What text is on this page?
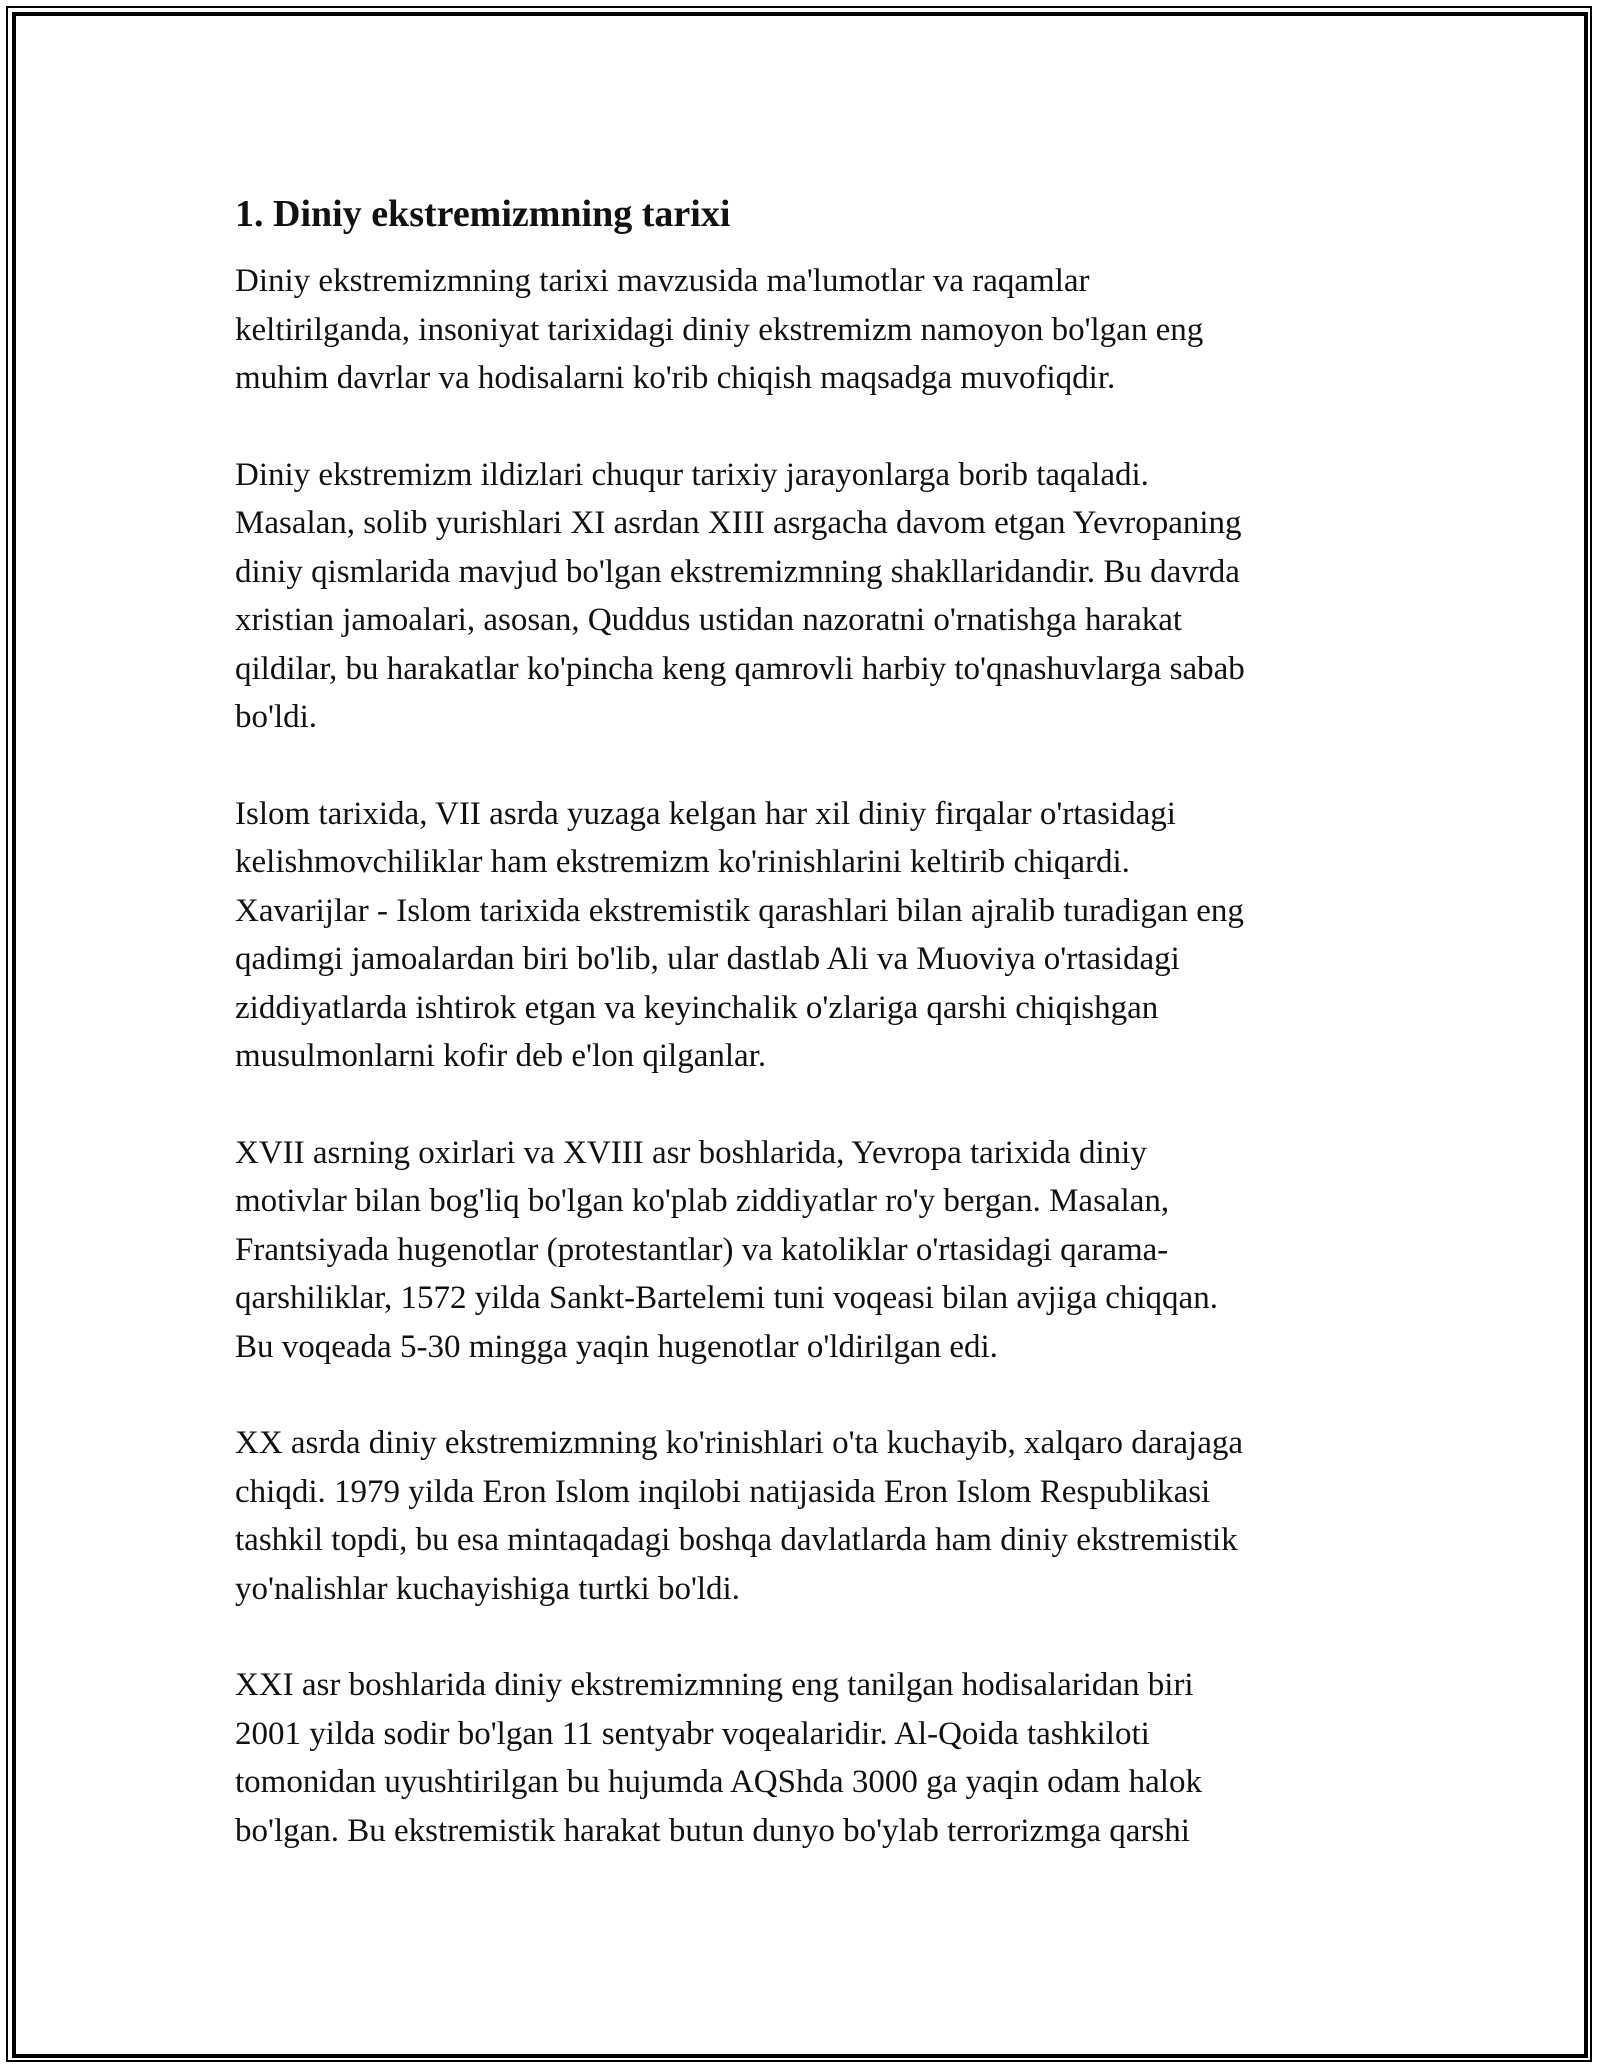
1. Diniy ekstremizmning tarixi

Diniy ekstremizmning tarixi mavzusida ma'lumotlar va raqamlar
keltirilganda, insoniyat tarixidagi diniy ekstremizm namoyon bo'lgan eng
muhim davrlar va hodisalarni ko'rib chiqish maqsadga muvofiqdir.

Diniy ekstremizm ildizlari chuqur tarixiy jarayonlarga borib taqaladi.
Masalan, solib yurishlari XI asrdan XIII asrgacha davom etgan Yevropaning
diniy qismlarida mavjud bo'lgan ekstremizmning shakllaridandir. Bu davrda
xristian jamoalari, asosan, Quddus ustidan nazoratni o'rnatishga harakat
qildilar, bu harakatlar ko'pincha keng qamrovli harbiy to'qnashuvlarga sabab
bo'ldi.

Islom tarixida, VII asrda yuzaga kelgan har xil diniy firqalar o'rtasidagi
kelishmovchiliklar ham ekstremizm ko'rinishlarini keltirib chiqardi.
Xavarijlar - Islom tarixida ekstremistik qarashlari bilan ajralib turadigan eng
qadimgi jamoalardan biri bo'lib, ular dastlab Ali va Muoviya o'rtasidagi
ziddiyatlarda ishtirok etgan va keyinchalik o'zlariga qarshi chiqishgan
musulmonlarni kofir deb e'lon qilganlar.

XVII asrning oxirlari va XVIII asr boshlarida, Yevropa tarixida diniy
motivlar bilan bog'liq bo'lgan ko'plab ziddiyatlar ro'y bergan. Masalan,
Frantsiyada hugenotlar (protestantlar) va katoliklar o'rtasidagi qarama-
qarshiliklar, 1572 yilda Sankt-Bartelemi tuni voqeasi bilan avjiga chiqqan.
Bu voqeada 5-30 mingga yaqin hugenotlar o'ldirilgan edi.

XX asrda diniy ekstremizmning ko'rinishlari o'ta kuchayib, xalqaro darajaga
chiqdi. 1979 yilda Eron Islom inqilobi natijasida Eron Islom Respublikasi
tashkil topdi, bu esa mintaqadagi boshqa davlatlarda ham diniy ekstremistik
yo'nalishlar kuchayishiga turtki bo'ldi.

XXI asr boshlarida diniy ekstremizmning eng tanilgan hodisalaridan biri
2001 yilda sodir bo'lgan 11 sentyabr voqealaridir. Al-Qoida tashkiloti
tomonidan uyushtirilgan bu hujumda AQShda 3000 ga yaqin odam halok
bo'lgan. Bu ekstremistik harakat butun dunyo bo'ylab terrorizmga qarshi
